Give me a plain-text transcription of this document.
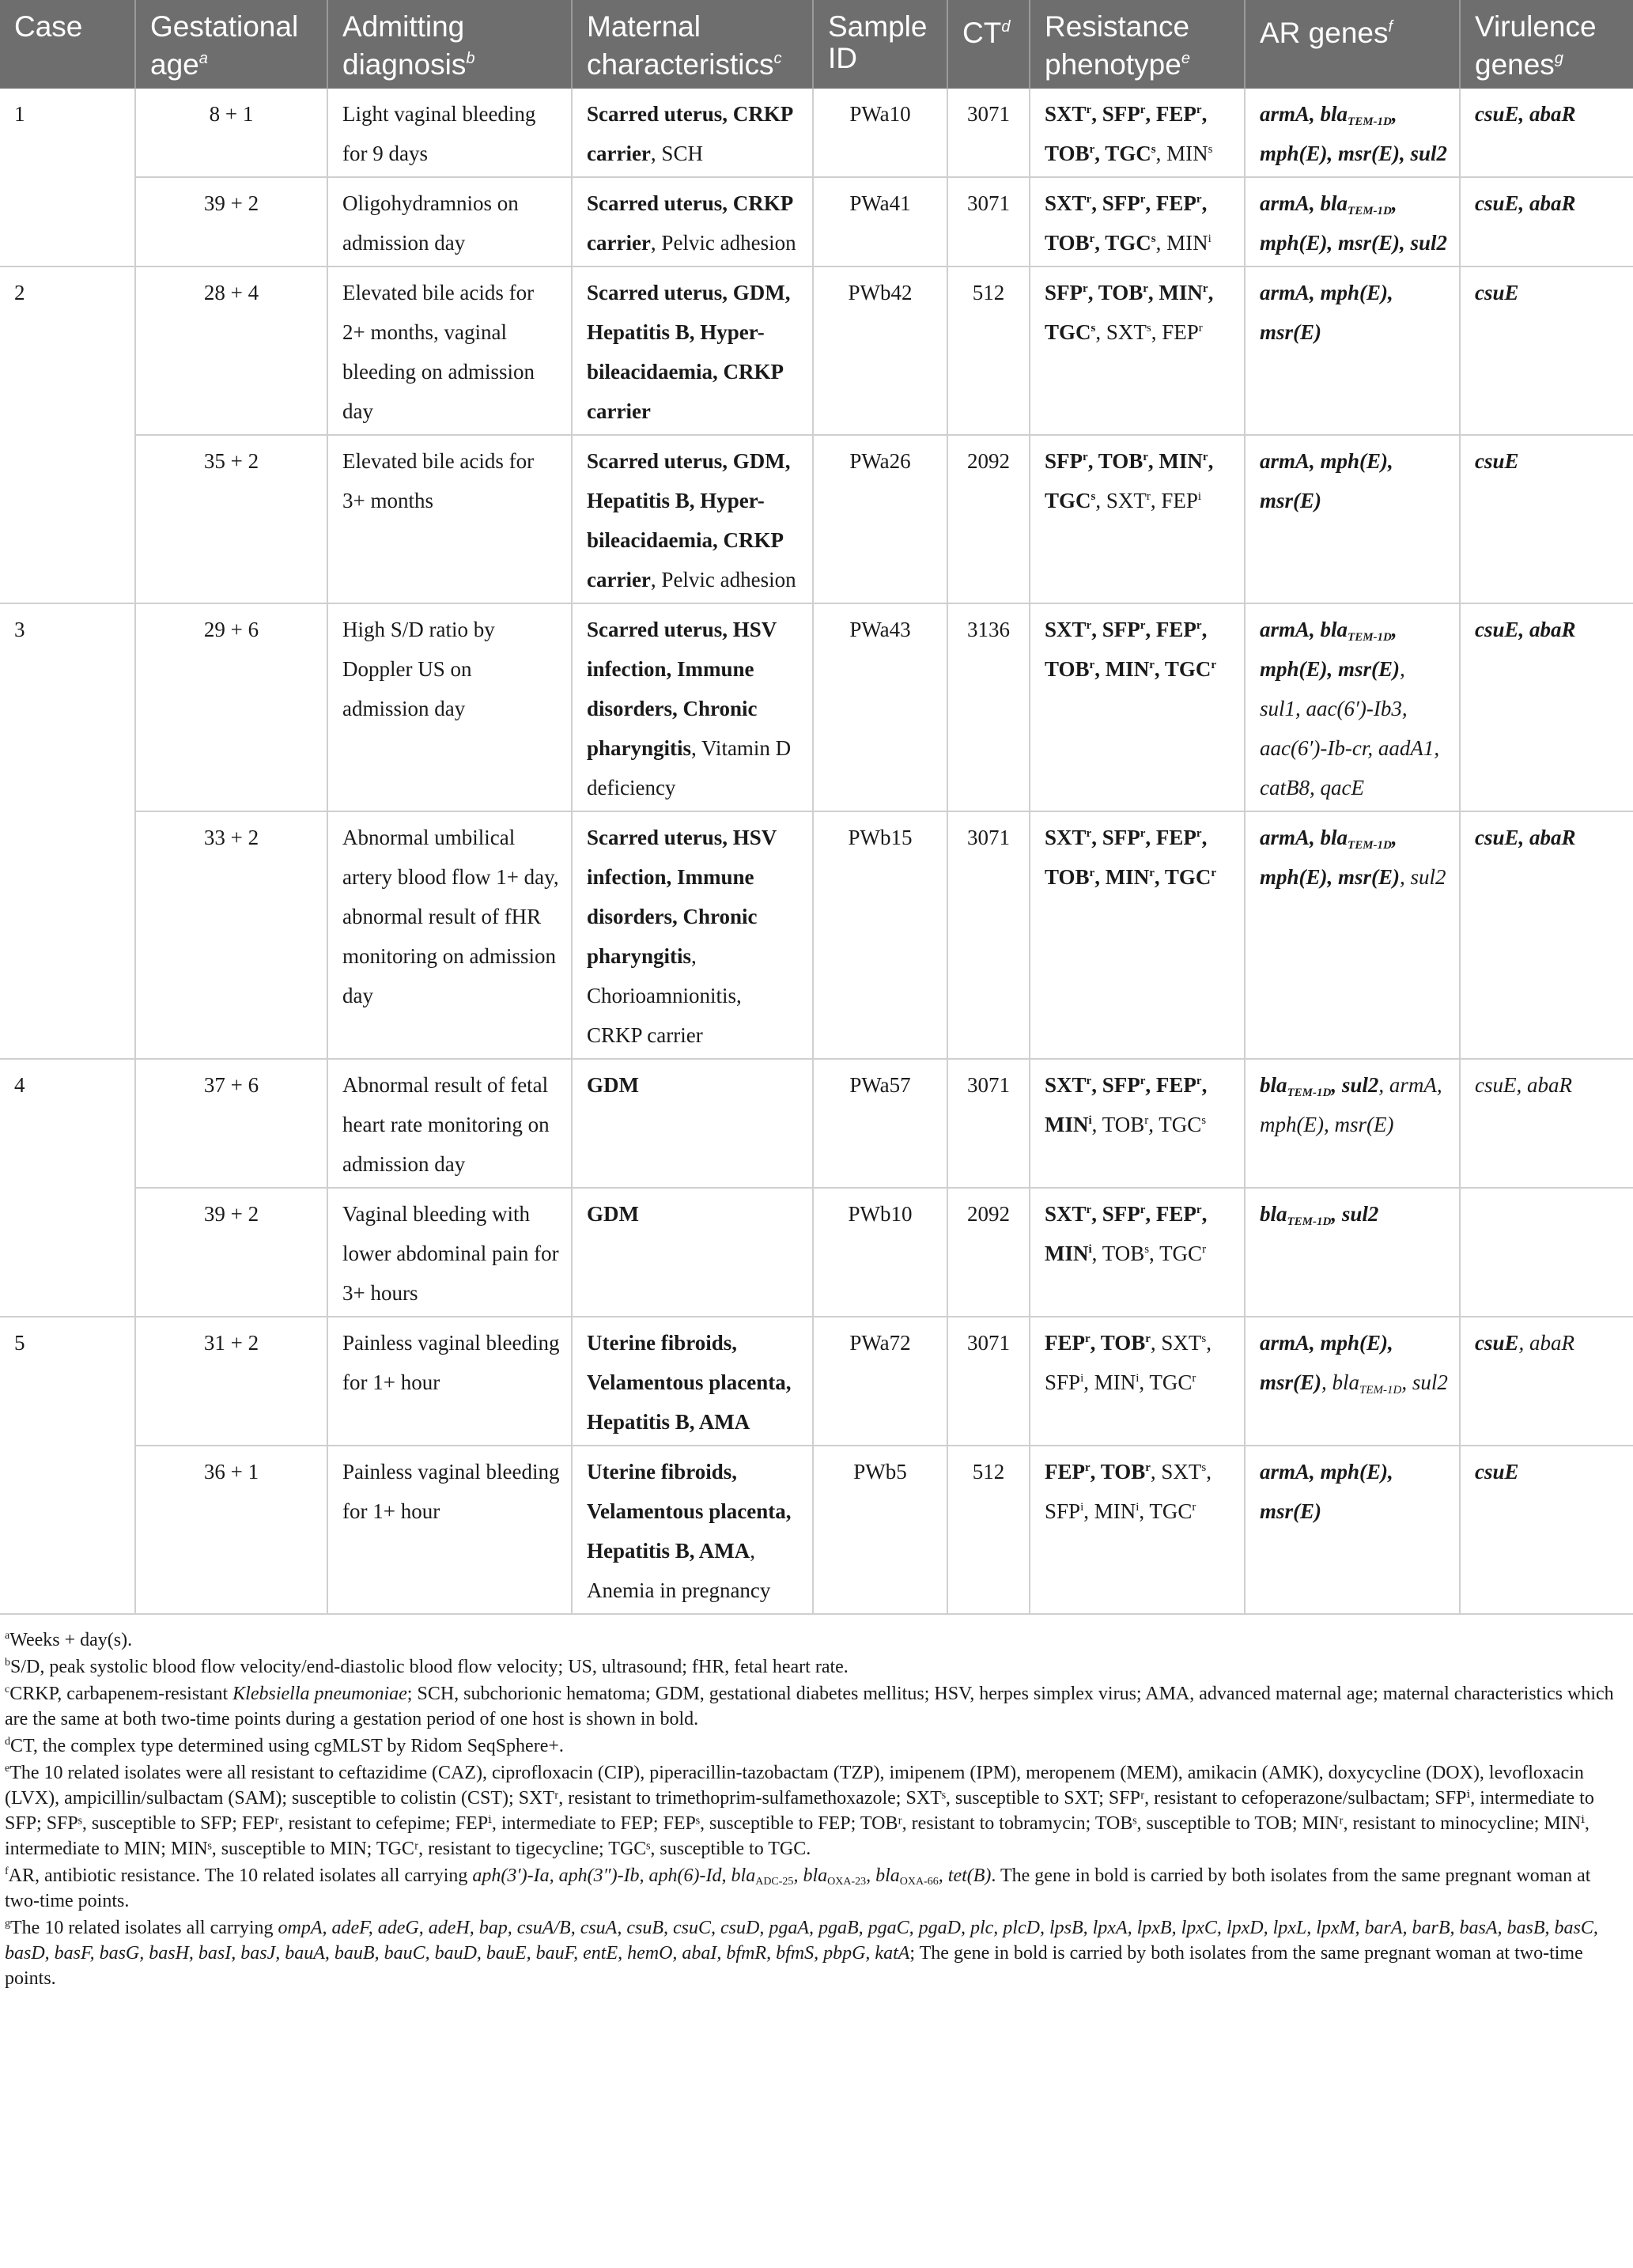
Case	Gestational age$^a$	Admitting diagnosis$^b$	Maternal characteristics$^c$	Sample ID	$CT^d$	Resistance phenotype$^e$	AR genes$^f$	Virulence genes$^g$
1	8 + 1	Light vaginal bleeding for 9 days	Scarred uterus, CRKP carrier, SCH	PWa10	3071	SXT$^r$, SFP$^r$, FEP$^r$, TOB$^r$, TGC$^s$, MIN$^s$	armA, bla$_{TEM-1D}$, mph(E), msr(E), sul2	csuE, abaR
	39 + 2	Oligohydramnios on admission day	Scarred uterus, CRKP carrier, Pelvic adhesion	PWa41	3071	SXT$^r$, SFP$^r$, FEP$^r$, TOB$^r$, TGC$^s$, MIN$^i$	armA, bla$_{TEM-1D}$, mph(E), msr(E), sul2	csuE, abaR
2	28 + 4	Elevated bile acids for 2+ months, vaginal bleeding on admission day	Scarred uterus, GDM, Hepatitis B, Hyper-bileacidaemia, CRKP carrier	PWb42	512	SFP$^r$, TOB$^r$, MIN$^r$, TGC$^s$, SXT$^s$, FEP$^r$	armA, mph(E), msr(E)	csuE
	35 + 2	Elevated bile acids for 3+ months	Scarred uterus, GDM, Hepatitis B, Hyper-bileacidaemia, CRKP carrier, Pelvic adhesion	PWa26	2092	SFP$^r$, TOB$^r$, MIN$^r$, TGC$^s$, SXT$^r$, FEP$^i$	armA, mph(E), msr(E)	csuE
3	29 + 6	High S/D ratio by Doppler US on admission day	Scarred uterus, HSV infection, Immune disorders, Chronic pharyngitis, Vitamin D deficiency	PWa43	3136	SXT$^r$, SFP$^r$, FEP$^r$, TOB$^r$, MIN$^r$, TGC$^r$	armA, bla$_{TEM-1D}$, mph(E), msr(E), sul1, aac(6′)-Ib3, aac(6′)-Ib-cr, aadA1, catB8, qacE	csuE, abaR
	33 + 2	Abnormal umbilical artery blood flow 1+ day, abnormal result of fHR monitoring on admission day	Scarred uterus, HSV infection, Immune disorders, Chronic pharyngitis, Chorioamnionitis, CRKP carrier	PWb15	3071	SXT$^r$, SFP$^r$, FEP$^r$, TOB$^r$, MIN$^r$, TGC$^r$	armA, bla$_{TEM-1D}$, mph(E), msr(E), sul2	csuE, abaR
4	37 + 6	Abnormal result of fetal heart rate monitoring on admission day	GDM	PWa57	3071	SXT$^r$, SFP$^r$, FEP$^r$, MIN$^i$, TOB$^r$, TGC$^s$	bla$_{TEM-1D}$, sul2, armA, mph(E), msr(E)	csuE, abaR
	39 + 2	Vaginal bleeding with lower abdominal pain for 3+ hours	GDM	PWb10	2092	SXT$^r$, SFP$^r$, FEP$^r$, MIN$^i$, TOB$^s$, TGC$^r$	bla$_{TEM-1D}$, sul2	
5	31 + 2	Painless vaginal bleeding for 1+ hour	Uterine fibroids, Velamentous placenta, Hepatitis B, AMA	PWa72	3071	FEP$^r$, TOB$^r$, SXT$^s$, SFP$^i$, MIN$^i$, TGC$^r$	armA, mph(E), msr(E), bla$_{TEM-1D}$, sul2	csuE, abaR
	36 + 1	Painless vaginal bleeding for 1+ hour	Uterine fibroids, Velamentous placenta, Hepatitis B, AMA, Anemia in pregnancy	PWb5	512	FEP$^r$, TOB$^r$, SXT$^s$, SFP$^i$, MIN$^i$, TGC$^r$	armA, mph(E), msr(E)	csuE

$^a$Weeks + day(s).

$^b$S/D, peak systolic blood flow velocity/end-diastolic blood flow velocity; US, ultrasound; fHR, fetal heart rate.

$^c$CRKP, carbapenem-resistant Klebsiella pneumoniae; SCH, subchorionic hematoma; GDM, gestational diabetes mellitus; HSV, herpes simplex virus; AMA, advanced maternal age; maternal characteristics which are the same at both two-time points during a gestation period of one host is shown in bold.

$^d$CT, the complex type determined using cgMLST by Ridom SeqSphere+.

$^e$The 10 related isolates were all resistant to ceftazidime (CAZ), ciprofloxacin (CIP), piperacillin-tazobactam (TZP), imipenem (IPM), meropenem (MEM), amikacin (AMK), doxycycline (DOX), levofloxacin (LVX), ampicillin/sulbactam (SAM); susceptible to colistin (CST); SXTʳ, resistant to trimethoprim-sulfamethoxazole; SXTˢ, susceptible to SXT; SFPʳ, resistant to cefoperazone/sulbactam; SFPⁱ, intermediate to SFP; SFPˢ, susceptible to SFP; FEPʳ, resistant to cefepime; FEPⁱ, intermediate to FEP; FEPˢ, susceptible to FEP; TOBʳ, resistant to tobramycin; TOBˢ, susceptible to TOB; MINʳ, resistant to minocycline; MINⁱ, intermediate to MIN; MINˢ, susceptible to MIN; TGCʳ, resistant to tigecycline; TGCˢ, susceptible to TGC.

$^f$AR, antibiotic resistance. The 10 related isolates all carrying aph(3′)-Ia, aph(3″)-Ib, aph(6)-Id, bla$_{ADC-25}$, bla$_{OXA-23}$, bla$_{OXA-66}$, tet(B). The gene in bold is carried by both isolates from the same pregnant woman at two-time points.

$^g$The 10 related isolates all carrying ompA, adeF, adeG, adeH, bap, csuA/B, csuA, csuB, csuC, csuD, pgaA, pgaB, pgaC, pgaD, plc, plcD, lpsB, lpxA, lpxB, lpxC, lpxD, lpxL, lpxM, barA, barB, basA, basB, basC, basD, basF, basG, basH, basI, basJ, bauA, bauB, bauC, bauD, bauE, bauF, entE, hemO, abaI, bfmR, bfmS, pbpG, katA; The gene in bold is carried by both isolates from the same pregnant woman at two-time points.
